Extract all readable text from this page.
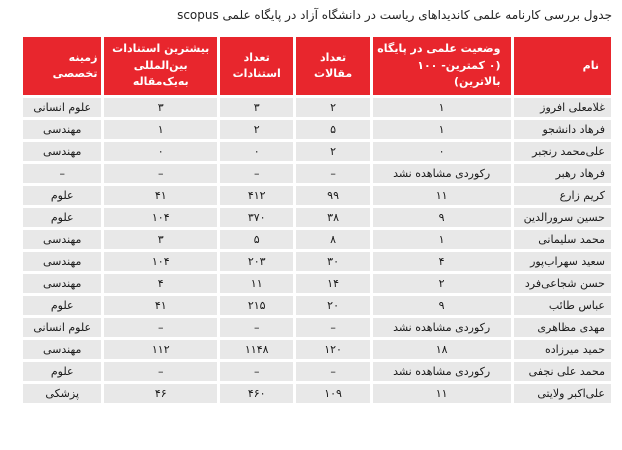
جدول بررسی کارنامه علمی کاندیداهای ریاست در دانشگاه آزاد در پایگاه علمی scopus
نام	وضعیت علمی در پایگاه (۰ کمترین- ۱۰۰ بالاترین)	تعداد مقالات	تعداد استنادات	بیشترین استنادات بین‌المللی به‌یک‌مقاله	زمینه تخصصی
غلامعلی افروز	۱	۲	۳	۳	علوم انسانی
فرهاد دانشجو	۱	۵	۲	۱	مهندسی
علی‌محمد رنجبر	۰	۲	۰	۰	مهندسی
فرهاد رهبر	رکوردی مشاهده نشد	–	–	–	–
کریم زارع	۱۱	۹۹	۴۱۲	۴۱	علوم
حسین سرورالدین	۹	۳۸	۳۷۰	۱۰۴	علوم
محمد سلیمانی	۱	۸	۵	۳	مهندسی
سعید سهراب‌پور	۴	۳۰	۲۰۳	۱۰۴	مهندسی
حسن شجاعی‌فرد	۲	۱۴	۱۱	۴	مهندسی
عباس طائب	۹	۲۰	۲۱۵	۴۱	علوم
مهدی مظاهری	رکوردی مشاهده نشد	–	–	–	علوم انسانی
حمید میرزاده	۱۸	۱۲۰	۱۱۴۸	۱۱۲	مهندسی
محمد علی نجفی	رکوردی مشاهده نشد	–	–	–	علوم
علی‌اکبر ولایتی	۱۱	۱۰۹	۴۶۰	۴۶	پزشکی
